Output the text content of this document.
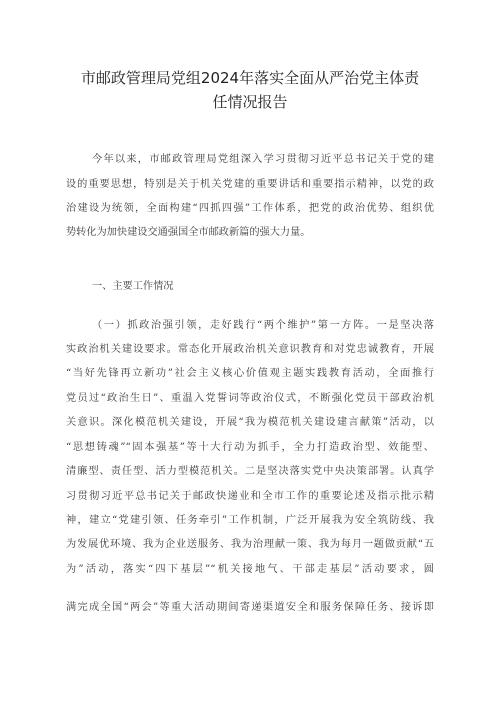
市邮政管理局党组2024年落实全面从严治党主体责
任情况报告
今年以来，市邮政管理局党组深入学习贯彻习近平总书记关于党的建
设的重要思想，特别是关于机关党建的重要讲话和重要指示精神，以党的政
治建设为统领，全面构建“四抓四强”工作体系，把党的政治优势、组织优
势转化为加快建设交通强国全市邮政新篇的强大力量。
一、主要工作情况
（一）抓政治强引领，走好践行“两个维护”第一方阵。一是坚决落
实政治机关建设要求。常态化开展政治机关意识教育和对党忠诚教育，开展
“当好先锋再立新功”社会主义核心价值观主题实践教育活动，全面推行
党员过“政治生日”、重温入党誓词等政治仪式，不断强化党员干部政治机
关意识。深化模范机关建设，开展“我为模范机关建设建言献策”活动，以
“思想铸魂”“固本强基”等十大行动为抓手，全力打造政治型、效能型、
清廉型、责任型、活力型模范机关。二是坚决落实党中央决策部署。认真学
习贯彻习近平总书记关于邮政快递业和全市工作的重要论述及指示批示精
神，建立“党建引领、任务牵引”工作机制，广泛开展我为安全筑防线、我
为发展优环境、我为企业送服务、我为治理献一策、我为每月一题做贡献“五
为”活动，落实“四下基层”“机关接地气、干部走基层”活动要求，圆
满完成全国“两会”等重大活动期间寄递渠道安全和服务保障任务、接诉即
